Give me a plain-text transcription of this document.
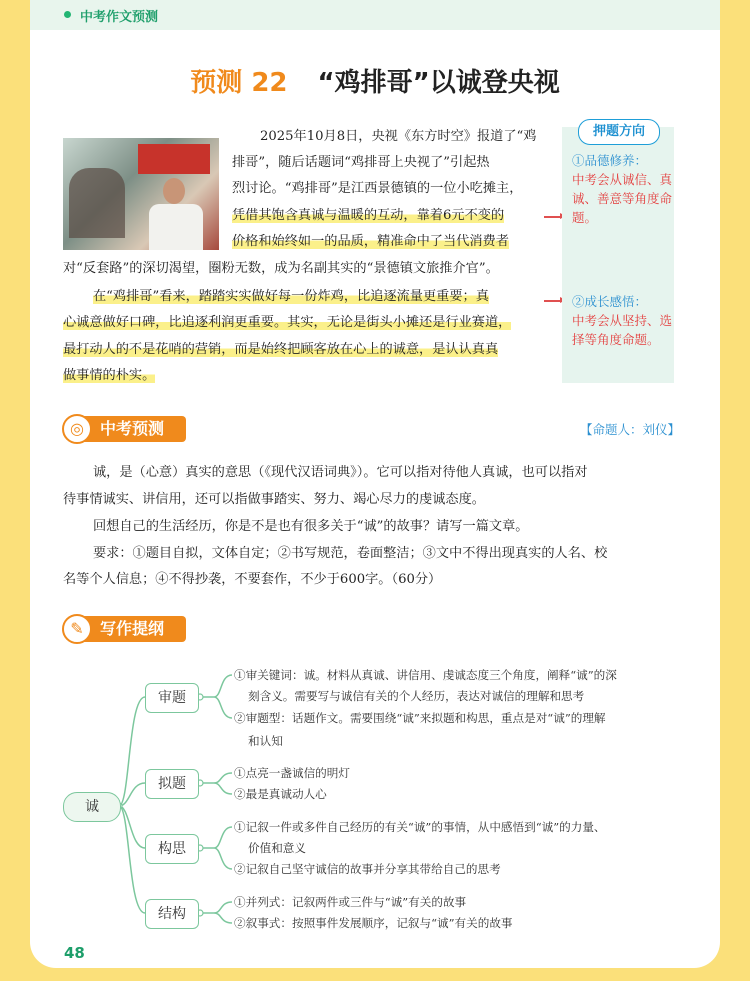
中考作文预测
预测 22 “鸡排哥”以诚登央视
2025年10月8日，央视《东方时空》报道了“鸡
排哥”，随后话题词“鸡排哥上央视了”引起热
烈讨论。“鸡排哥”是江西景德镇的一位小吃摊主，
凭借其饱含真诚与温暖的互动，靠着6元不变的
价格和始终如一的品质，精准命中了当代消费者
对“反套路”的深切渴望，圈粉无数，成为名副其实的“景德镇文旅推介官”。
在“鸡排哥”看来，踏踏实实做好每一份炸鸡，比追逐流量更重要；真
心诚意做好口碑，比追逐利润更重要。其实，无论是街头小摊还是行业赛道，
最打动人的不是花哨的营销，而是始终把顾客放在心上的诚意，是认认真真
做事情的朴实。
押题方向
①品德修养：
中考会从诚信、真诚、善意等角度命题。
②成长感悟：
中考会从坚持、选择等角度命题。
中考预测
◎	【命题人：刘仪】
诚，是（心意）真实的意思（《现代汉语词典》）。它可以指对待他人真诚，也可以指对
待事情诚实、讲信用，还可以指做事踏实、努力、竭心尽力的虔诚态度。
回想自己的生活经历，你是不是也有很多关于“诚”的故事？请写一篇文章。
要求：①题目自拟，文体自定；②书写规范，卷面整洁；③文中不得出现真实的人名、校
名等个人信息；④不得抄袭，不要套作，不少于600字。（60分）
写作提纲
✎
诚
审题
①审关键词：诚。材料从真诚、讲信用、虔诚态度三个角度，阐释“诚”的深
刻含义。需要写与诚信有关的个人经历，表达对诚信的理解和思考
②审题型：话题作文。需要围绕“诚”来拟题和构思，重点是对“诚”的理解
和认知
拟题
①点亮一盏诚信的明灯
②最是真诚动人心
构思
①记叙一件或多件自己经历的有关“诚”的事情，从中感悟到“诚”的力量、
价值和意义
②记叙自己坚守诚信的故事并分享其带给自己的思考
结构
①并列式：记叙两件或三件与“诚”有关的故事
②叙事式：按照事件发展顺序，记叙与“诚”有关的故事
48
